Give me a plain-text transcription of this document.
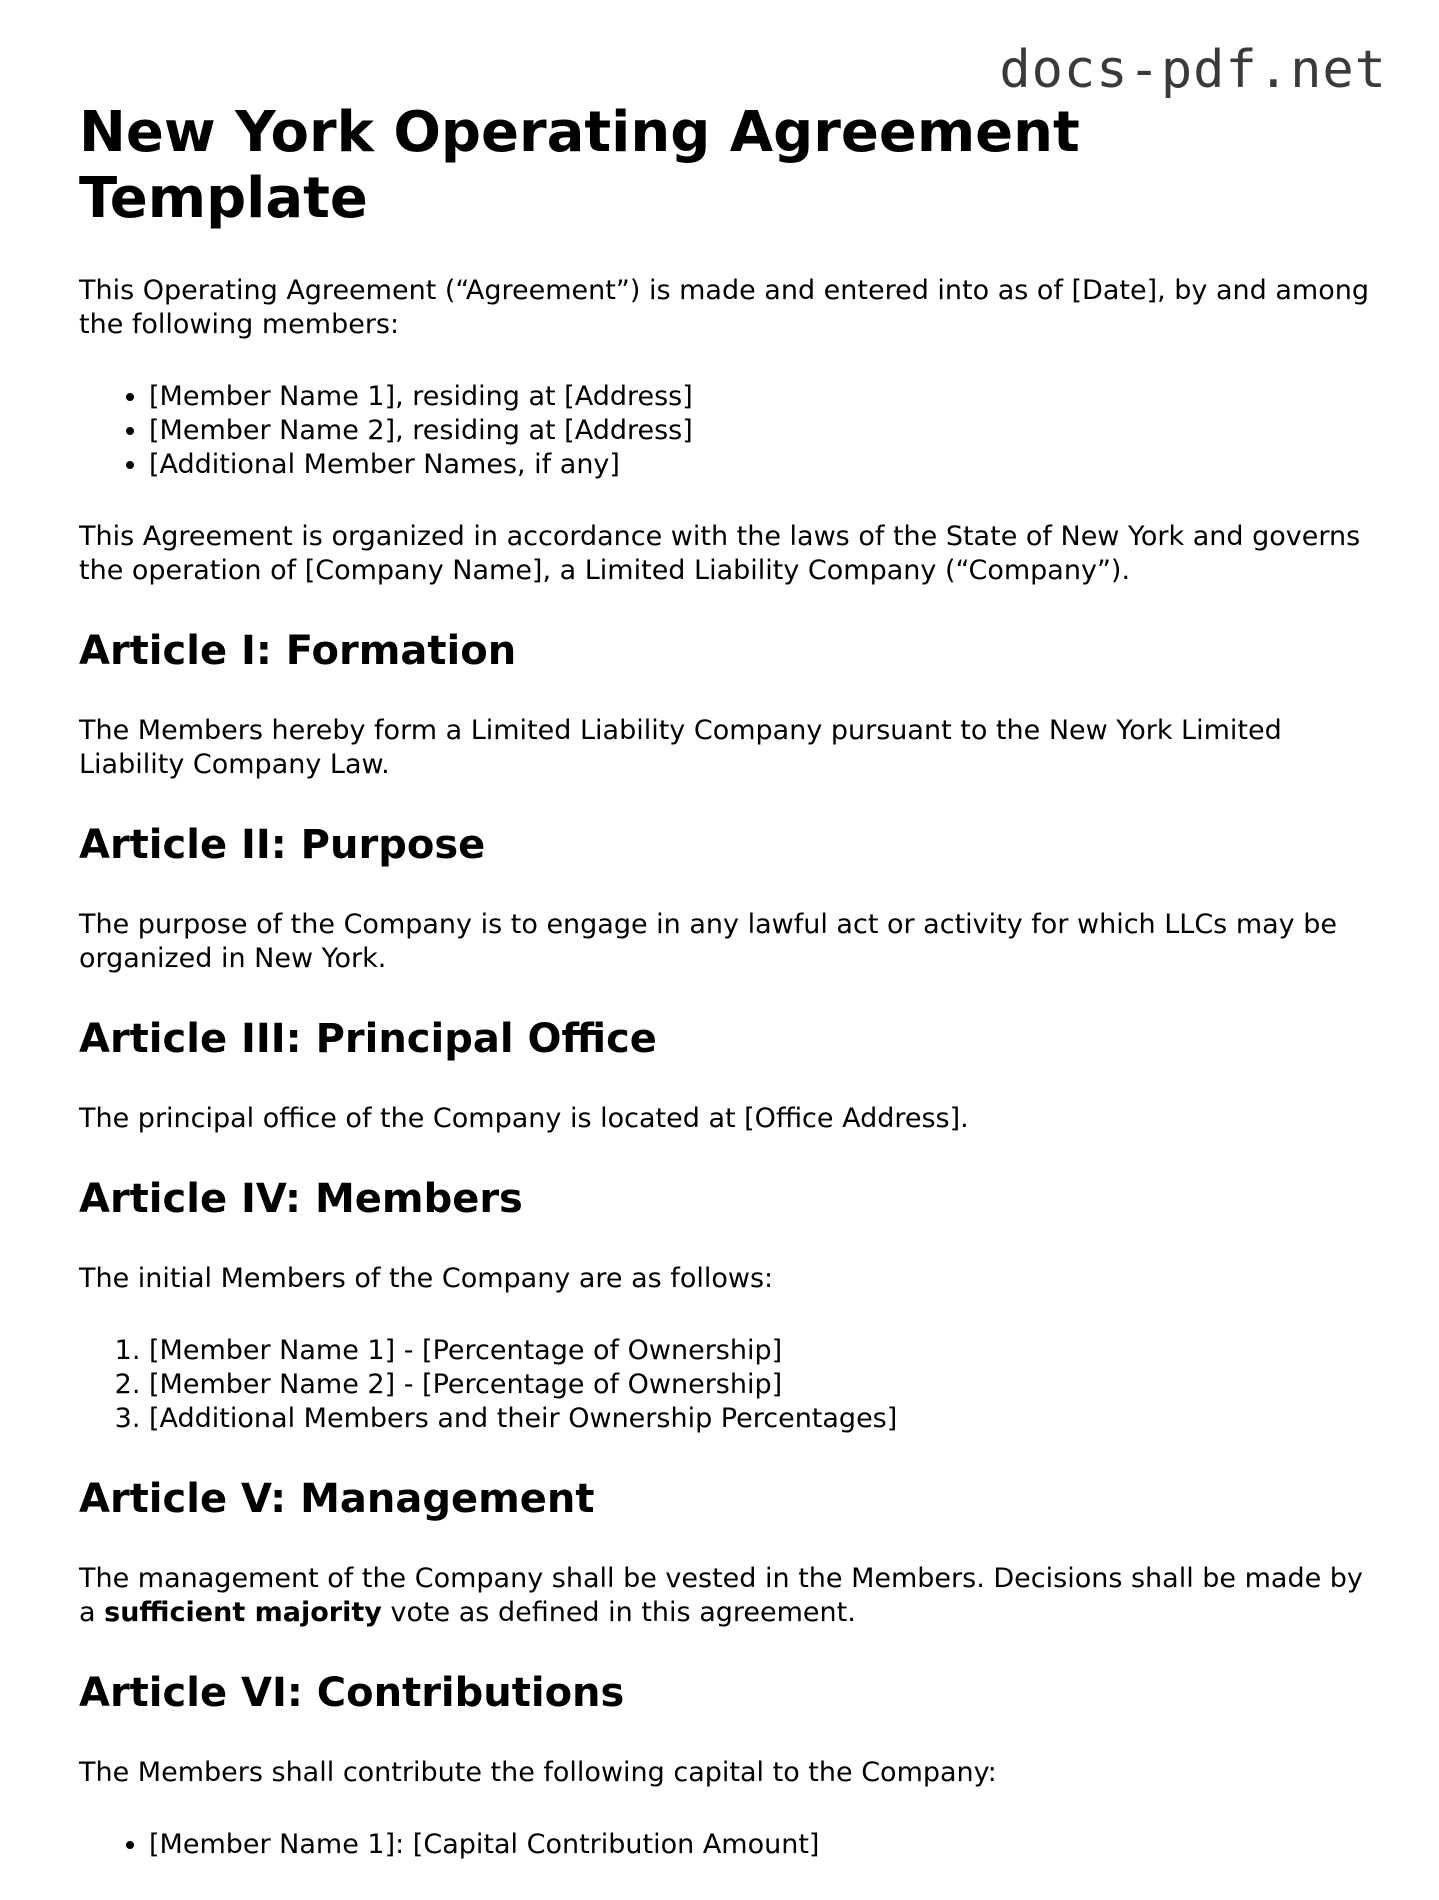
docs-pdf.net
New York Operating Agreement Template

This Operating Agreement (“Agreement”) is made and entered into as of [Date], by and among the following members:

• [Member Name 1], residing at [Address]
• [Member Name 2], residing at [Address]
• [Additional Member Names, if any]

This Agreement is organized in accordance with the laws of the State of New York and governs the operation of [Company Name], a Limited Liability Company (“Company”).

Article I: Formation

The Members hereby form a Limited Liability Company pursuant to the New York Limited Liability Company Law.

Article II: Purpose

The purpose of the Company is to engage in any lawful act or activity for which LLCs may be organized in New York.

Article III: Principal Office

The principal office of the Company is located at [Office Address].

Article IV: Members

The initial Members of the Company are as follows:

1. [Member Name 1] - [Percentage of Ownership]
2. [Member Name 2] - [Percentage of Ownership]
3. [Additional Members and their Ownership Percentages]
Article V: Management

The management of the Company shall be vested in the Members. Decisions shall be made by a sufficient majority vote as defined in this agreement.

Article VI: Contributions

The Members shall contribute the following capital to the Company:

• [Member Name 1]: [Capital Contribution Amount]
